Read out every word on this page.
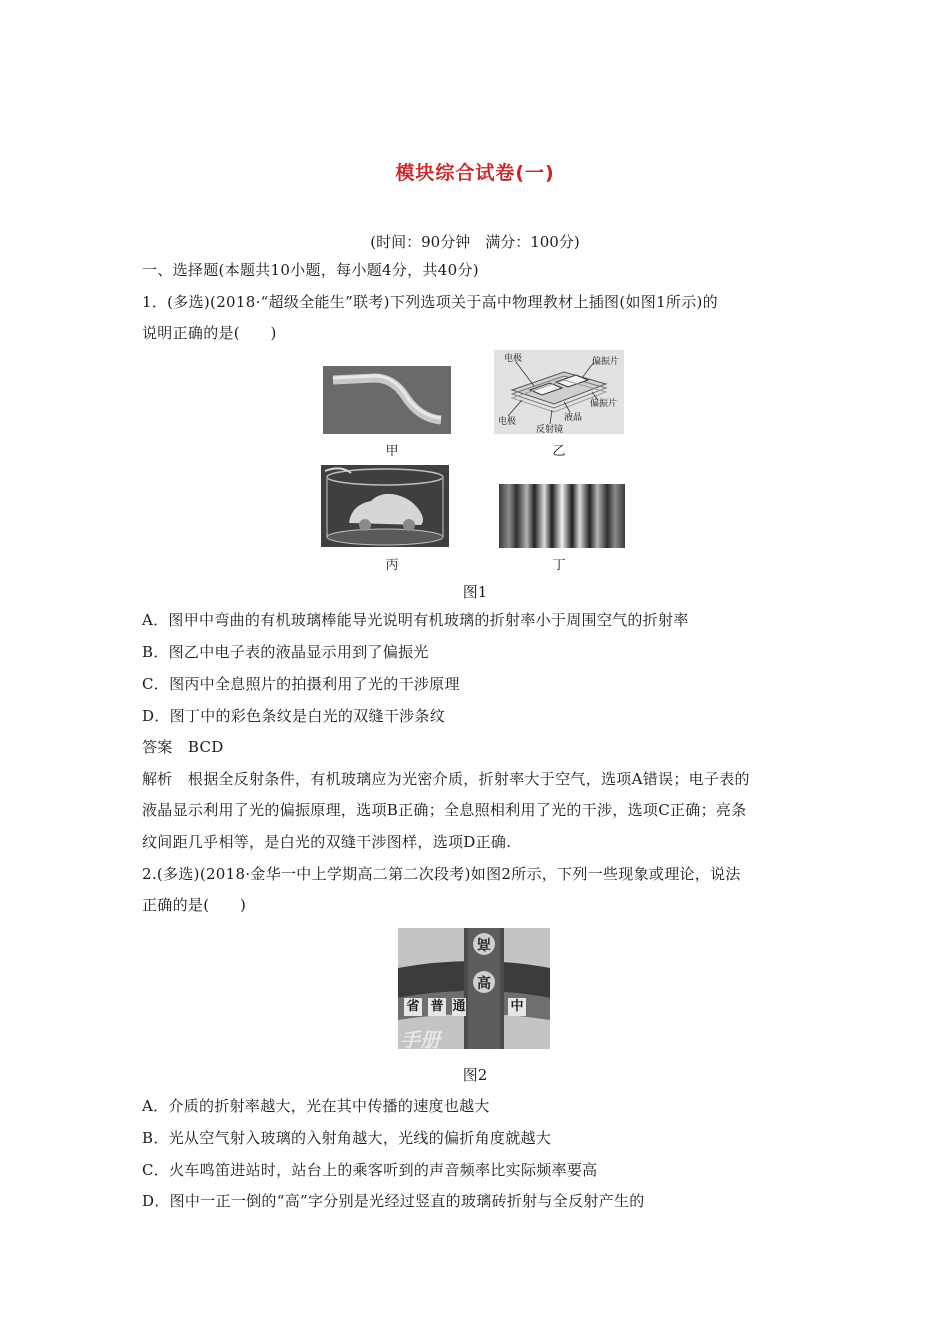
模块综合试卷(一)
(时间：90分钟　满分：100分)
一、选择题(本题共10小题，每小题4分，共40分)
1．(多选)(2018·“超级全能生”联考)下列选项关于高中物理教材上插图(如图1所示)的
说明正确的是(　　)
甲
电极	偏振片
偏振片
电极	液晶
反射镜
乙
丙	丁
图1
A．图甲中弯曲的有机玻璃棒能导光说明有机玻璃的折射率小于周围空气的折射率
B．图乙中电子表的液晶显示用到了偏振光
C．图丙中全息照片的拍摄利用了光的干涉原理
D．图丁中的彩色条纹是白光的双缝干涉条纹
答案　BCD
解析　根据全反射条件，有机玻璃应为光密介质，折射率大于空气，选项A错误；电子表的
液晶显示利用了光的偏振原理，选项B正确；全息照相利用了光的干涉，选项C正确；亮条
纹间距几乎相等，是白光的双缝干涉图样，选项D正确.
2.(多选)(2018·金华一中上学期高二第二次段考)如图2所示，下列一些现象或理论，说法
正确的是(　　)
高
高
省 普 通	中
手册
图2
A．介质的折射率越大，光在其中传播的速度也越大
B．光从空气射入玻璃的入射角越大，光线的偏折角度就越大
C．火车鸣笛进站时，站台上的乘客听到的声音频率比实际频率要高
D．图中一正一倒的“高”字分别是光经过竖直的玻璃砖折射与全反射产生的
